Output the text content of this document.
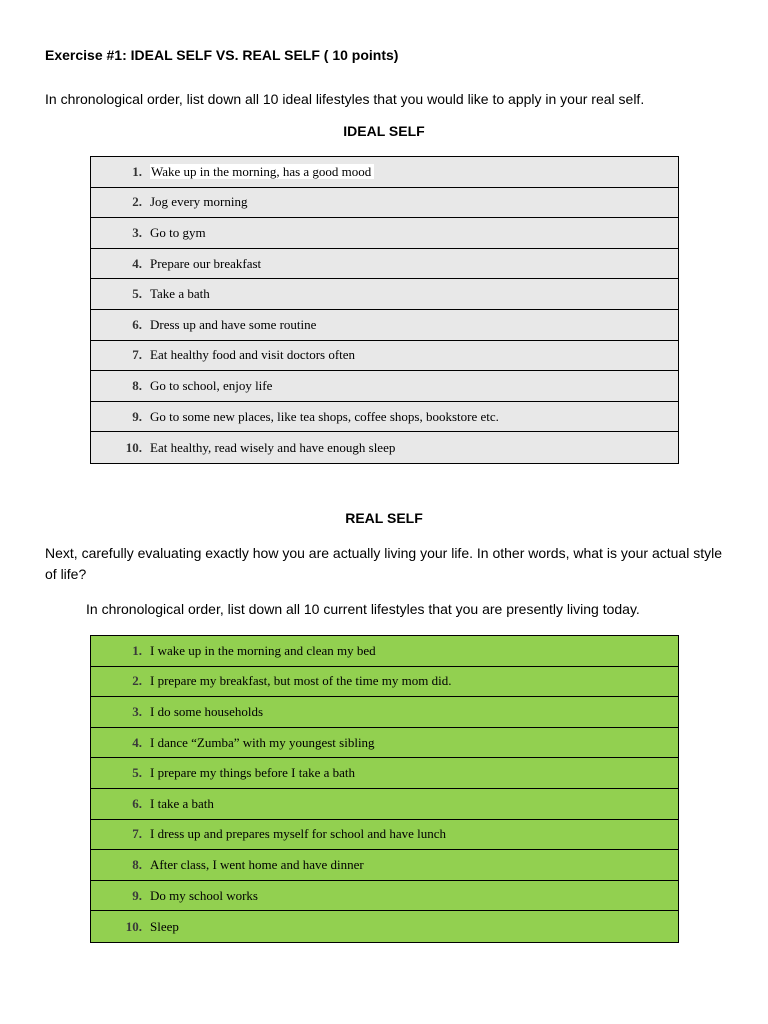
Exercise #1: IDEAL SELF VS. REAL SELF ( 10 points)

In chronological order, list down all 10 ideal lifestyles that you would like to apply in your real self.

IDEAL SELF
1. Wake up in the morning, has a good mood
2. Jog every morning
3. Go to gym
4. Prepare our breakfast
5. Take a bath
6. Dress up and have some routine
7. Eat healthy food and visit doctors often
8. Go to school, enjoy life
9. Go to some new places, like tea shops, coffee shops, bookstore etc.
10. Eat healthy, read wisely and have enough sleep
REAL SELF

Next, carefully evaluating exactly how you are actually living your life. In other words, what is your actual style of life?

In chronological order, list down all 10 current lifestyles that you are presently living today.

1. I wake up in the morning and clean my bed
2. I prepare my breakfast, but most of the time my mom did.
3. I do some households
4. I dance “Zumba” with my youngest sibling
5. I prepare my things before I take a bath
6. I take a bath
7. I dress up and prepares myself for school and have lunch
8. After class, I went home and have dinner
9. Do my school works
10. Sleep
